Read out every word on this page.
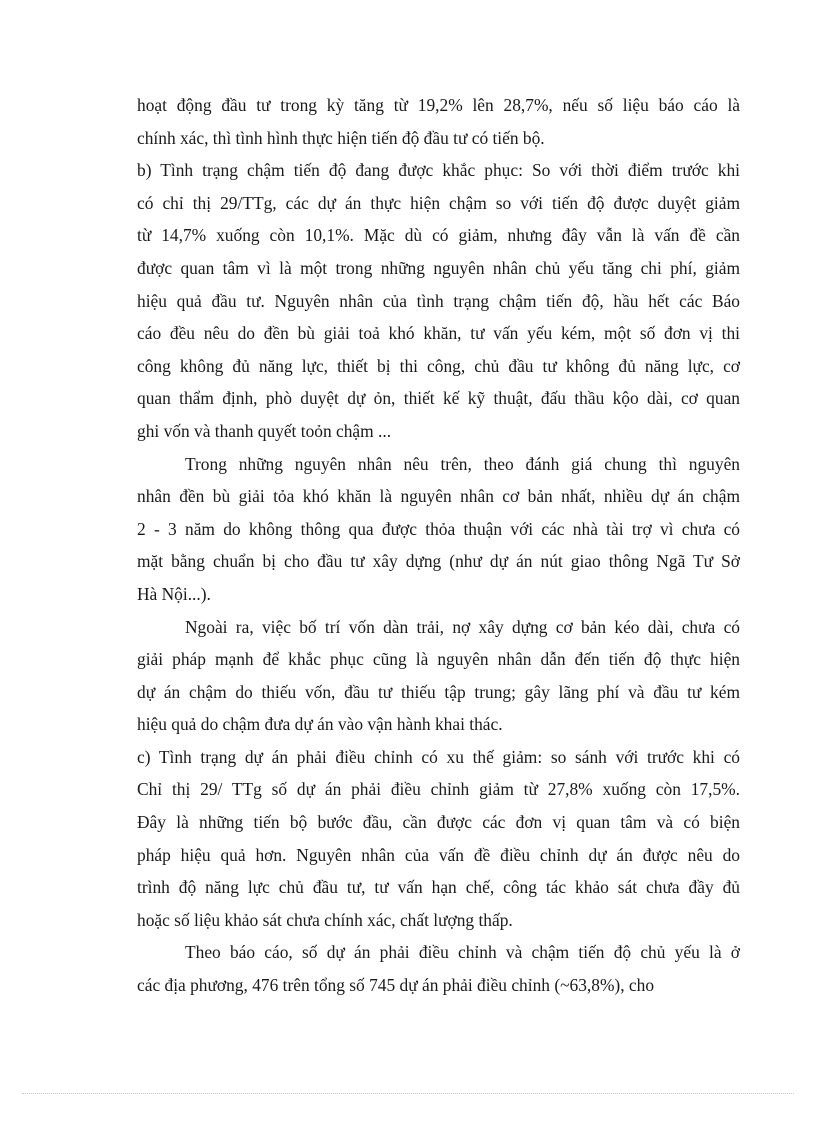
hoạt động đầu tư trong kỳ tăng từ 19,2% lên 28,7%, nếu số liệu báo cáo là
chính xác, thì tình hình thực hiện tiến độ đầu tư có tiến bộ.
b) Tình trạng chậm tiến độ đang được khắc phục: So với thời điểm trước khi
có chỉ thị 29/TTg, các dự án thực hiện chậm so với tiến độ được duyệt giảm
từ 14,7% xuống còn 10,1%. Mặc dù có giảm, nhưng đây vẫn là vấn đề cần
được quan tâm vì là một trong những nguyên nhân chủ yếu tăng chi phí, giảm
hiệu quả đầu tư. Nguyên nhân của tình trạng chậm tiến độ, hầu hết các Báo
cáo đều nêu do đền bù giải toả khó khăn, tư vấn yếu kém, một số đơn vị thi
công không đủ năng lực, thiết bị thi công, chủ đầu tư không đủ năng lực, cơ
quan thẩm định, phò duyệt dự ỏn, thiết kế kỹ thuật, đấu thầu kộo dài, cơ quan
ghi vốn và thanh quyết toỏn chậm ...
Trong những nguyên nhân nêu trên, theo đánh giá chung thì nguyên
nhân đền bù giải tỏa khó khăn là nguyên nhân cơ bản nhất, nhiều dự án chậm
2 - 3 năm do không thông qua được thỏa thuận với các nhà tài trợ vì chưa có
mặt bằng chuẩn bị cho đầu tư xây dựng (như dự án nút giao thông Ngã Tư Sở
Hà Nội...).
Ngoài ra, việc bố trí vốn dàn trải, nợ xây dựng cơ bản kéo dài, chưa có
giải pháp mạnh để khắc phục cũng là nguyên nhân dẫn đến tiến độ thực hiện
dự án chậm do thiếu vốn, đầu tư thiếu tập trung; gây lãng phí và đầu tư kém
hiệu quả do chậm đưa dự án vào vận hành khai thác.
c) Tình trạng dự án phải điều chỉnh có xu thế giảm: so sánh với trước khi có
Chỉ thị 29/ TTg số dự án phải điều chỉnh giảm từ 27,8% xuống còn 17,5%.
Đây là những tiến bộ bước đầu, cần được các đơn vị quan tâm và có biện
pháp hiệu quả hơn. Nguyên nhân của vấn đề điều chỉnh dự án được nêu do
trình độ năng lực chủ đầu tư, tư vấn hạn chế, công tác khảo sát chưa đầy đủ
hoặc số liệu khảo sát chưa chính xác, chất lượng thấp.
Theo báo cáo, số dự án phải điều chỉnh và chậm tiến độ chủ yếu là ở
các địa phương, 476 trên tổng số 745 dự án phải điều chỉnh (~63,8%), cho
